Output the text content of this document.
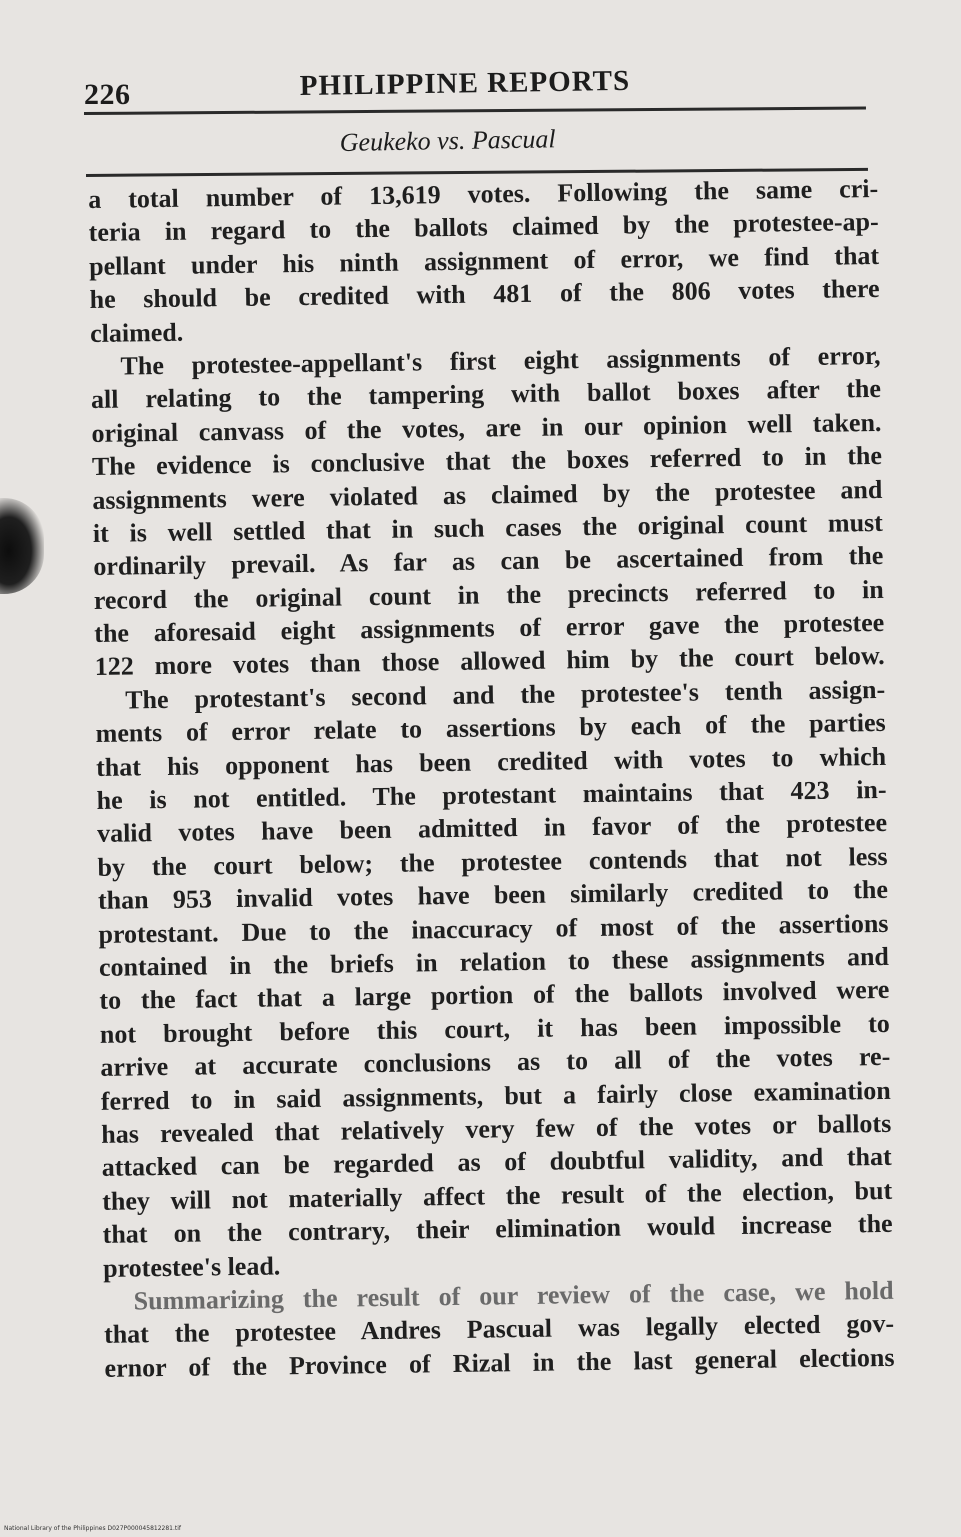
226	PHILIPPINE REPORTS
Geukeko vs. Pascual
a total number of 13,619 votes. Following the same cri-
teria in regard to the ballots claimed by the protestee-ap-
pellant under his ninth assignment of error, we find that
he should be credited with 481 of the 806 votes there
claimed.
The protestee-appellant's first eight assignments of error,
all relating to the tampering with ballot boxes after the
original canvass of the votes, are in our opinion well taken.
The evidence is conclusive that the boxes referred to in the
assignments were violated as claimed by the protestee and
it is well settled that in such cases the original count must
ordinarily prevail. As far as can be ascertained from the
record the original count in the precincts referred to in
the aforesaid eight assignments of error gave the protestee
122 more votes than those allowed him by the court below.
The protestant's second and the protestee's tenth assign-
ments of error relate to assertions by each of the parties
that his opponent has been credited with votes to which
he is not entitled. The protestant maintains that 423 in-
valid votes have been admitted in favor of the protestee
by the court below; the protestee contends that not less
than 953 invalid votes have been similarly credited to the
protestant. Due to the inaccuracy of most of the assertions
contained in the briefs in relation to these assignments and
to the fact that a large portion of the ballots involved were
not brought before this court, it has been impossible to
arrive at accurate conclusions as to all of the votes re-
ferred to in said assignments, but a fairly close examination
has revealed that relatively very few of the votes or ballots
attacked can be regarded as of doubtful validity, and that
they will not materially affect the result of the election, but
that on the contrary, their elimination would increase the
protestee's lead.
Summarizing the result of our review of the case, we hold
that the protestee Andres Pascual was legally elected gov-
ernor of the Province of Rizal in the last general elections
National Library of the Philippines D027P000045812281.tif
